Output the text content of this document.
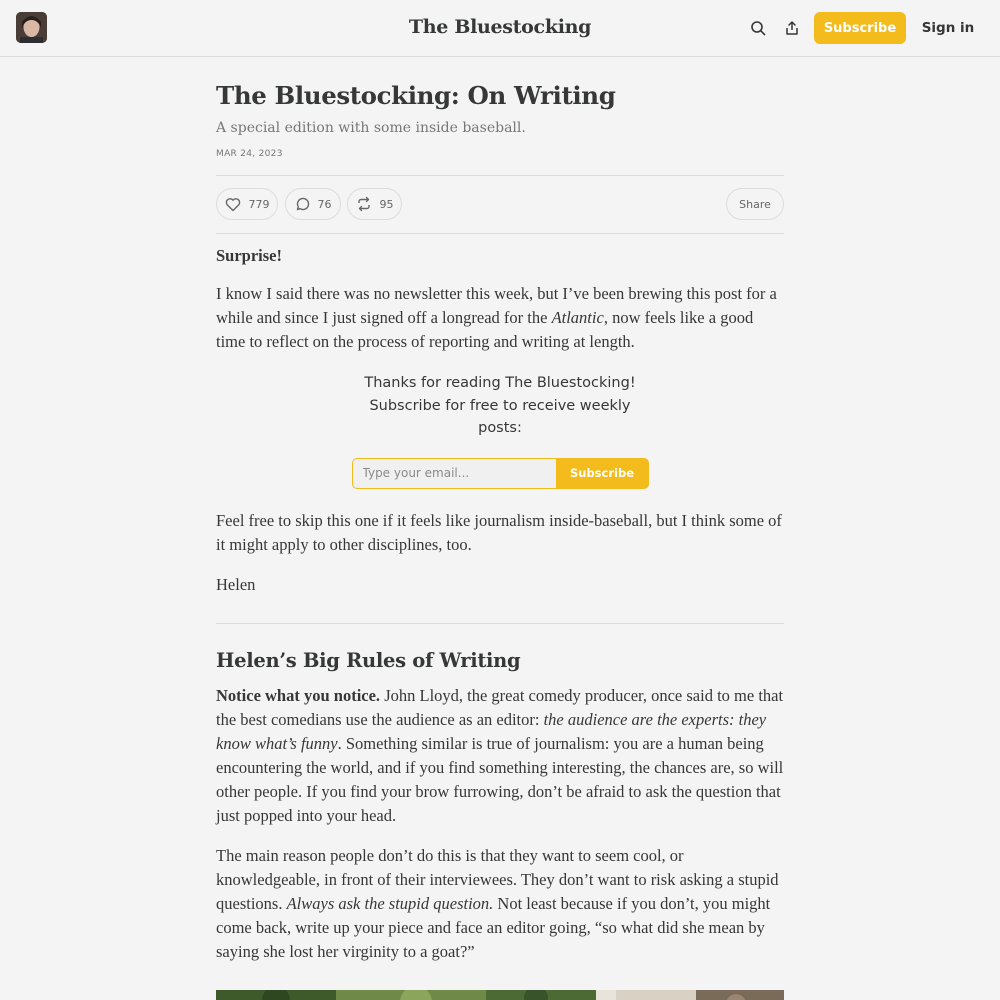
The Bluestocking	Subscribe	Sign in
The Bluestocking: On Writing
A special edition with some inside baseball.
MAR 24, 2023
779	76	95	Share

Surprise!

I know I said there was no newsletter this week, but I’ve been brewing this post for a while and since I just signed off a longread for the Atlantic, now feels like a good time to reflect on the process of reporting and writing at length.

Thanks for reading The Bluestocking! Subscribe for free to receive weekly posts:
Type your email...
Subscribe

Feel free to skip this one if it feels like journalism inside-baseball, but I think some of it might apply to other disciplines, too.

Helen

Helen’s Big Rules of Writing

Notice what you notice. John Lloyd, the great comedy producer, once said to me that the best comedians use the audience as an editor: the audience are the experts: they know what’s funny. Something similar is true of journalism: you are a human being encountering the world, and if you find something interesting, the chances are, so will other people. If you find your brow furrowing, don’t be afraid to ask the question that just popped into your head.

The main reason people don’t do this is that they want to seem cool, or knowledgeable, in front of their interviewees. They don’t want to risk asking a stupid questions. Always ask the stupid question. Not least because if you don’t, you might come back, write up your piece and face an editor going, “so what did she mean by saying she lost her virginity to a goat?”
